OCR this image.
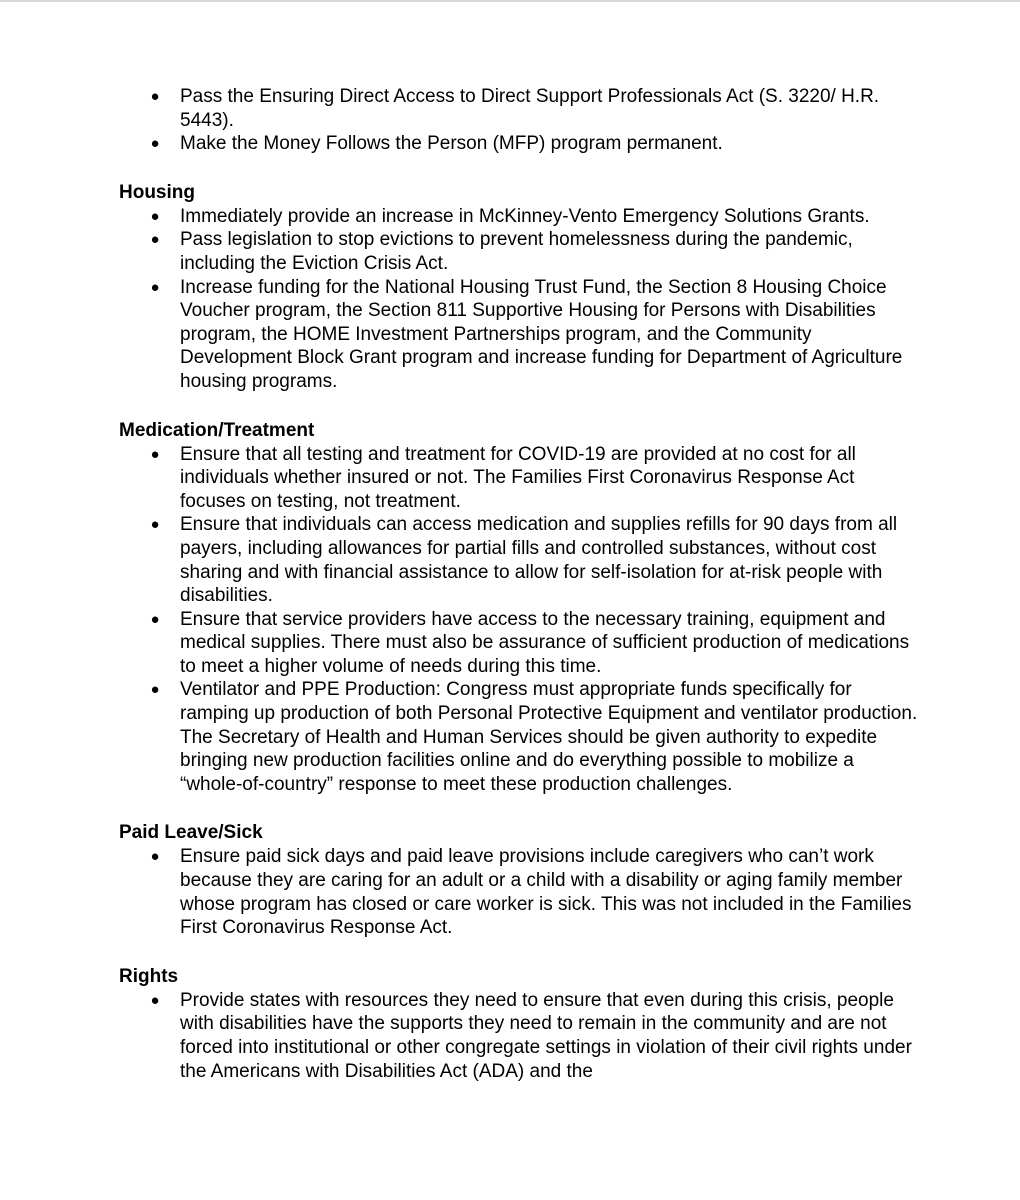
● Pass the Ensuring Direct Access to Direct Support Professionals Act (S. 3220/ H.R. 5443).
● Make the Money Follows the Person (MFP) program permanent.
Housing
● Immediately provide an increase in McKinney-Vento Emergency Solutions Grants.
● Pass legislation to stop evictions to prevent homelessness during the pandemic, including the Eviction Crisis Act.
● Increase funding for the National Housing Trust Fund, the Section 8 Housing Choice Voucher program, the Section 811 Supportive Housing for Persons with Disabilities program, the HOME Investment Partnerships program, and the Community Development Block Grant program and increase funding for Department of Agriculture housing programs.
Medication/Treatment
● Ensure that all testing and treatment for COVID-19 are provided at no cost for all individuals whether insured or not. The Families First Coronavirus Response Act focuses on testing, not treatment.
● Ensure that individuals can access medication and supplies refills for 90 days from all payers, including allowances for partial fills and controlled substances, without cost sharing and with financial assistance to allow for self-isolation for at-risk people with disabilities.
● Ensure that service providers have access to the necessary training, equipment and medical supplies. There must also be assurance of sufficient production of medications to meet a higher volume of needs during this time.
● Ventilator and PPE Production: Congress must appropriate funds specifically for ramping up production of both Personal Protective Equipment and ventilator production. The Secretary of Health and Human Services should be given authority to expedite bringing new production facilities online and do everything possible to mobilize a “whole-of-country” response to meet these production challenges.
Paid Leave/Sick
● Ensure paid sick days and paid leave provisions include caregivers who can’t work because they are caring for an adult or a child with a disability or aging family member whose program has closed or care worker is sick. This was not included in the Families First Coronavirus Response Act.
Rights
● Provide states with resources they need to ensure that even during this crisis, people with disabilities have the supports they need to remain in the community and are not forced into institutional or other congregate settings in violation of their civil rights under the Americans with Disabilities Act (ADA) and the
